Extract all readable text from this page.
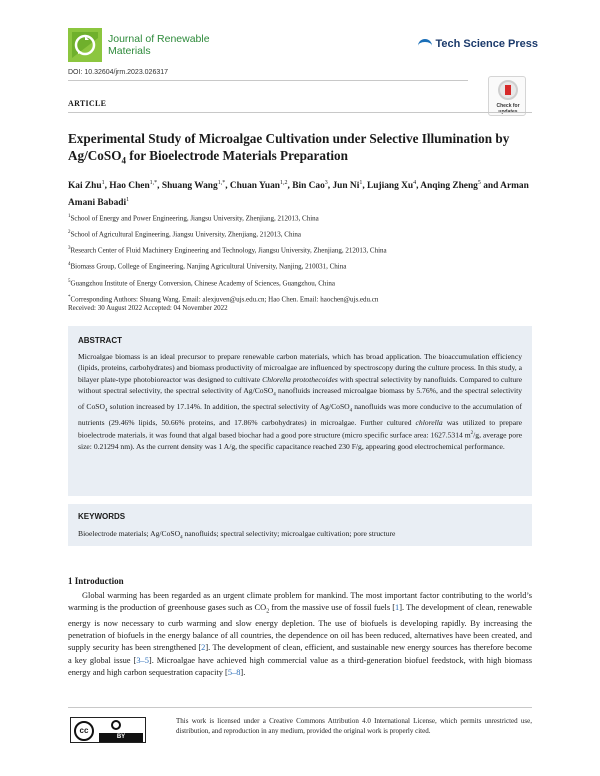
Journal of Renewable
Materials
Tech Science Press
DOI: 10.32604/jrm.2023.026317
Check for
ARTICLE
Experimental Study of Microalgae Cultivation under Selective Illumination by Ag/CoSO$_4$ for Bioelectrode Materials Preparation
Kai Zhu$^1$, Hao Chen$^{1,*}$, Shuang Wang$^{1,*}$, Chuan Yuan$^{1,2}$, Bin Cao$^3$, Jun Ni$^1$, Lujiang Xu$^4$, Anqing Zheng$^5$ and Arman Amani Babadi$^1$
$^1$School of Energy and Power Engineering, Jiangsu University, Zhenjiang, 212013, China
$^2$School of Agricultural Engineering, Jiangsu University, Zhenjiang, 212013, China
$^3$Research Center of Fluid Machinery Engineering and Technology, Jiangsu University, Zhenjiang, 212013, China
$^4$Biomass Group, College of Engineering, Nanjing Agricultural University, Nanjing, 210031, China
$^5$Guangzhou Institute of Energy Conversion, Chinese Academy of Sciences, Guangzhou, China
*Corresponding Authors: Shuang Wang. Email: alexjuven@ujs.edu.cn; Hao Chen. Email: haochen@ujs.edu.cn
Received: 30 August 2022 Accepted: 04 November 2022
ABSTRACT
Microalgae biomass is an ideal precursor to prepare renewable carbon materials, which has broad application. The bioaccumulation efficiency (lipids, proteins, carbohydrates) and biomass productivity of microalgae are influenced by spectroscopy during the culture process. In this study, a bilayer plate-type photobioreactor was designed to cultivate Chlorella protothecoides with spectral selectivity by nanofluids. Compared to culture without spectral selectivity, the spectral selectivity of Ag/CoSO$_4$ nanofluids increased microalgae biomass by 5.76%, and the spectral selectivity of CoSO$_4$ solution increased by 17.14%. In addition, the spectral selectivity of Ag/CoSO$_4$ nanofluids was more conducive to the accumulation of nutrients (29.46% lipids, 50.66% proteins, and 17.86% carbohydrates) in microalgae. Further cultured chlorella was utilized to prepare bioelectrode materials, it was found that algal based biochar had a good pore structure (micro specific surface area: 1627.5314 $m^2/g$, average pore size: 0.21294 nm). As the current density was 1 A/g, the specific capacitance reached 230 F/g, appearing good electrochemical performance.
KEYWORDS
Bioelectrode materials; Ag/CoSO$_4$ nanofluids; spectral selectivity; microalgae cultivation; pore structure
1 Introduction
Global warming has been regarded as an urgent climate problem for mankind. The most important factor contributing to the world’s warming is the production of greenhouse gases such as $CO_2$ from the massive use of fossil fuels [1]. The development of clean, renewable energy is now necessary to curb warming and slow energy depletion. The use of biofuels is developing rapidly. By increasing the penetration of biofuels in the energy balance of all countries, the dependence on oil has been reduced, alternatives have been created, and supply security has been strengthened [2]. The development of clean, efficient, and sustainable new energy sources has therefore become a key global issue [3–5]. Microalgae have achieved high commercial value as a third-generation biofuel feedstock, with high biomass energy and high carbon sequestration capacity [5–8].
cc
BY
This work is licensed under a Creative Commons Attribution 4.0 International License, which permits unrestricted use, distribution, and reproduction in any medium, provided the original work is properly cited.
